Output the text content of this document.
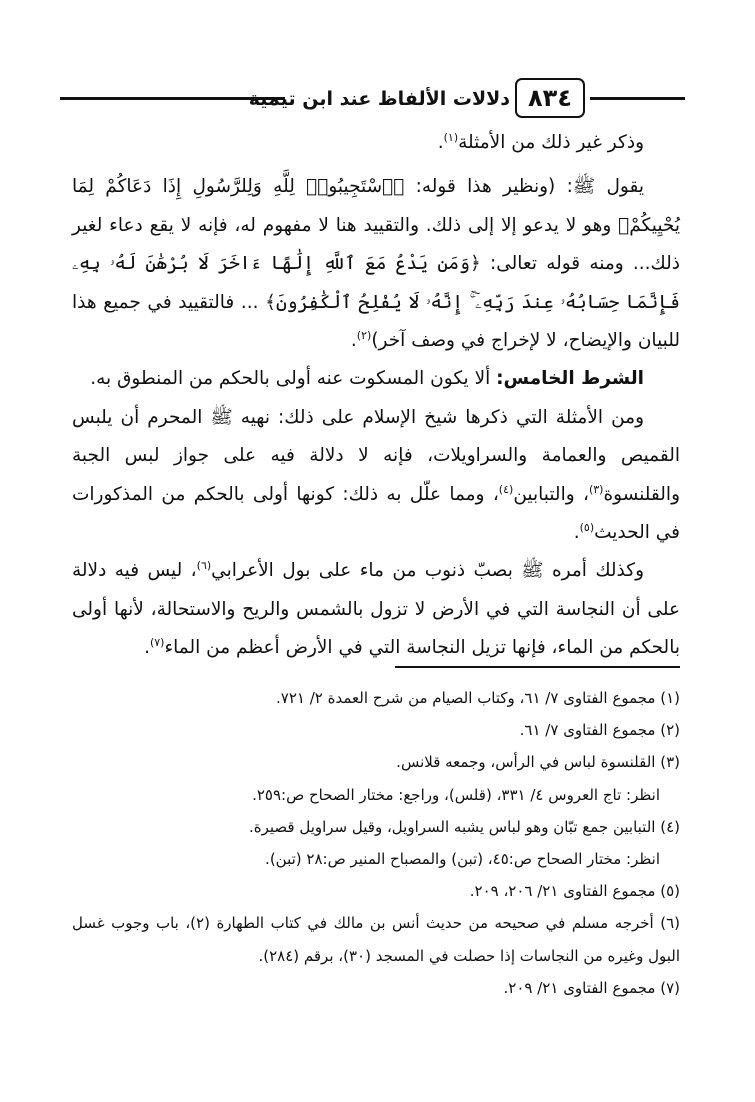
٨٣٤
دلالات الألفاظ عند ابن تيمية

وذكر غير ذلك من الأمثلة$^{(١)}$.

يقول ﷺ: (ونظير هذا قوله: ﴿ٱسْتَجِيبُوا۟ لِلَّهِ وَلِلرَّسُولِ إِذَا دَعَاكُمْ لِمَا يُحْيِيكُمْ﴾ وهو لا يدعو إلا إلى ذلك. والتقييد هنا لا مفهوم له، فإنه لا يقع دعاء لغير ذلك... ومنه قوله تعالى: ﴿وَمَن يَدْعُ مَعَ ٱللَّهِ إِلَٰهًا ءَاخَرَ لَا بُرْهَٰنَ لَهُۥ بِهِۦ فَإِنَّمَا حِسَابُهُۥ عِندَ رَبِّهِۦٓ ۚ إِنَّهُۥ لَا يُفْلِحُ ٱلْكَٰفِرُونَ﴾ ... فالتقييد في جميع هذا للبيان والإيضاح، لا لإخراج في وصف آخر)$^{(٢)}$.

الشرط الخامس: ألا يكون المسكوت عنه أولى بالحكم من المنطوق به.

ومن الأمثلة التي ذكرها شيخ الإسلام على ذلك: نهيه ﷺ المحرم أن يلبس القميص والعمامة والسراويلات، فإنه لا دلالة فيه على جواز لبس الجبة والقلنسوة$^{(٣)}$، والتبابين$^{(٤)}$، ومما علّل به ذلك: كونها أولى بالحكم من المذكورات في الحديث$^{(٥)}$.

وكذلك أمره ﷺ بصبّ ذنوب من ماء على بول الأعرابي$^{(٦)}$، ليس فيه دلالة على أن النجاسة التي في الأرض لا تزول بالشمس والريح والاستحالة، لأنها أولى بالحكم من الماء، فإنها تزيل النجاسة التي في الأرض أعظم من الماء$^{(٧)}$.

(١) مجموع الفتاوى ٧/ ٦١، وكتاب الصيام من شرح العمدة ٢/ ٧٢١.

(٢) مجموع الفتاوى ٧/ ٦١.

(٣) القلنسوة لباس في الرأس، وجمعه قلانس.

انظر: تاج العروس ٤/ ٣٣١، (قلس)، وراجع: مختار الصحاح ص:٢٥٩.

(٤) التبابين جمع تبّان وهو لباس يشبه السراويل، وقيل سراويل قصيرة.

انظر: مختار الصحاح ص:٤٥، (تبن) والمصباح المنير ص:٢٨ (تبن).

(٥) مجموع الفتاوى ٢١/ ٢٠٦، ٢٠٩.

(٦) أخرجه مسلم في صحيحه من حديث أنس بن مالك في كتاب الطهارة (٢)، باب وجوب غسل البول وغيره من النجاسات إذا حصلت في المسجد (٣٠)، برقم (٢٨٤).

(٧) مجموع الفتاوى ٢١/ ٢٠٩.
